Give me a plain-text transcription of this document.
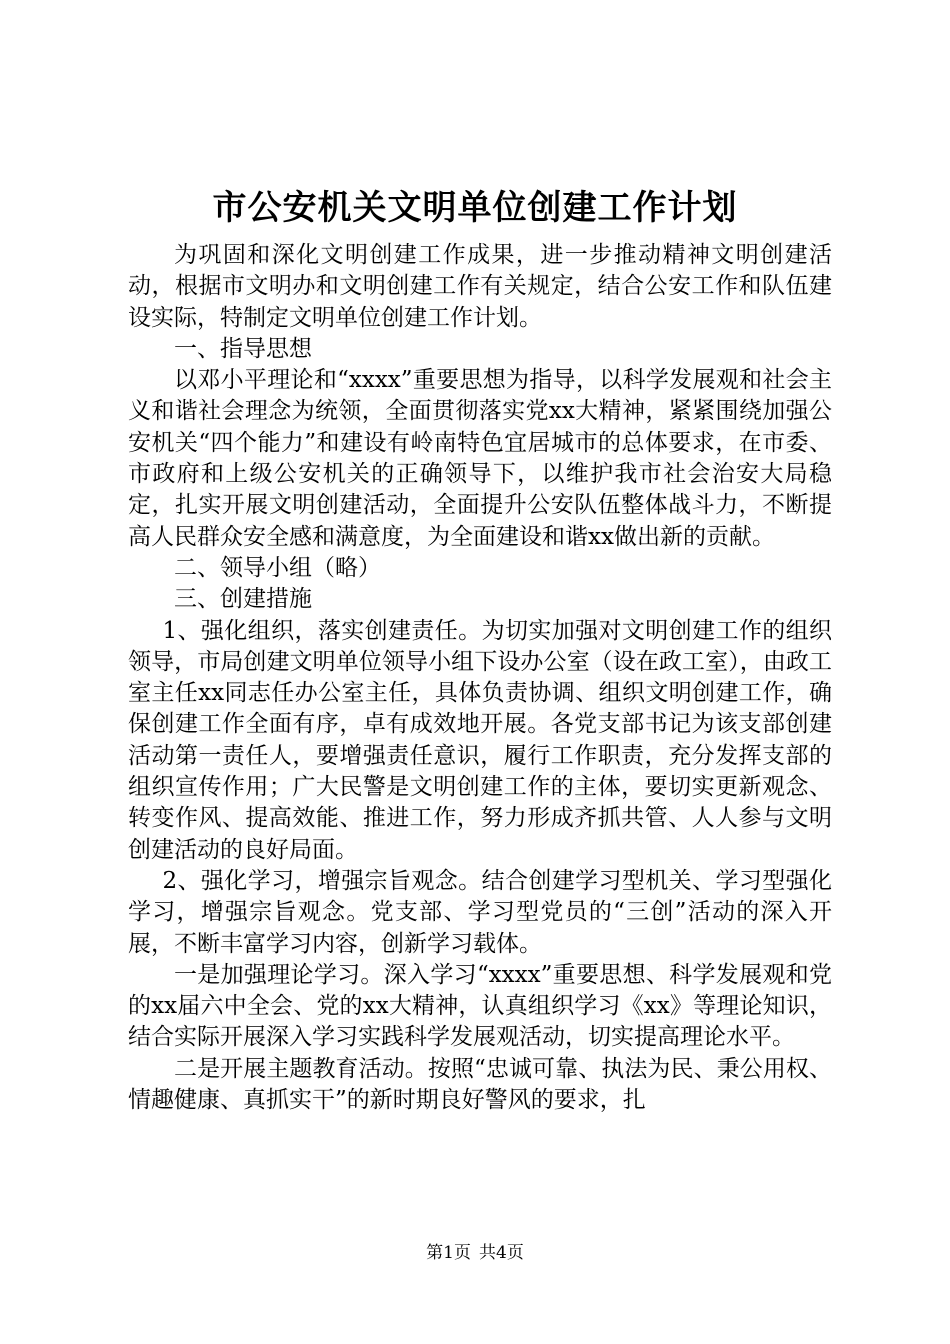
市公安机关文明单位创建工作计划

为巩固和深化文明创建工作成果，进一步推动精神文明创建活动，根据市文明办和文明创建工作有关规定，结合公安工作和队伍建设实际，特制定文明单位创建工作计划。

一、指导思想

以邓小平理论和“xxxx”重要思想为指导，以科学发展观和社会主义和谐社会理念为统领，全面贯彻落实党xx大精神，紧紧围绕加强公安机关“四个能力”和建设有岭南特色宜居城市的总体要求，在市委、市政府和上级公安机关的正确领导下，以维护我市社会治安大局稳定，扎实开展文明创建活动，全面提升公安队伍整体战斗力，不断提高人民群众安全感和满意度，为全面建设和谐xx做出新的贡献。

二、领导小组（略）

三、创建措施

1、强化组织，落实创建责任。为切实加强对文明创建工作的组织领导，市局创建文明单位领导小组下设办公室（设在政工室），由政工室主任xx同志任办公室主任，具体负责协调、组织文明创建工作，确保创建工作全面有序，卓有成效地开展。各党支部书记为该支部创建活动第一责任人，要增强责任意识，履行工作职责，充分发挥支部的组织宣传作用；广大民警是文明创建工作的主体，要切实更新观念、转变作风、提高效能、推进工作，努力形成齐抓共管、人人参与文明创建活动的良好局面。

2、强化学习，增强宗旨观念。结合创建学习型机关、学习型强化学习，增强宗旨观念。党支部、学习型党员的“三创”活动的深入开展，不断丰富学习内容，创新学习载体。

一是加强理论学习。深入学习“xxxx”重要思想、科学发展观和党的xx届六中全会、党的xx大精神，认真组织学习《xx》等理论知识，结合实际开展深入学习实践科学发展观活动，切实提高理论水平。

二是开展主题教育活动。按照“忠诚可靠、执法为民、秉公用权、情趣健康、真抓实干”的新时期良好警风的要求，扎

第1页 共4页
